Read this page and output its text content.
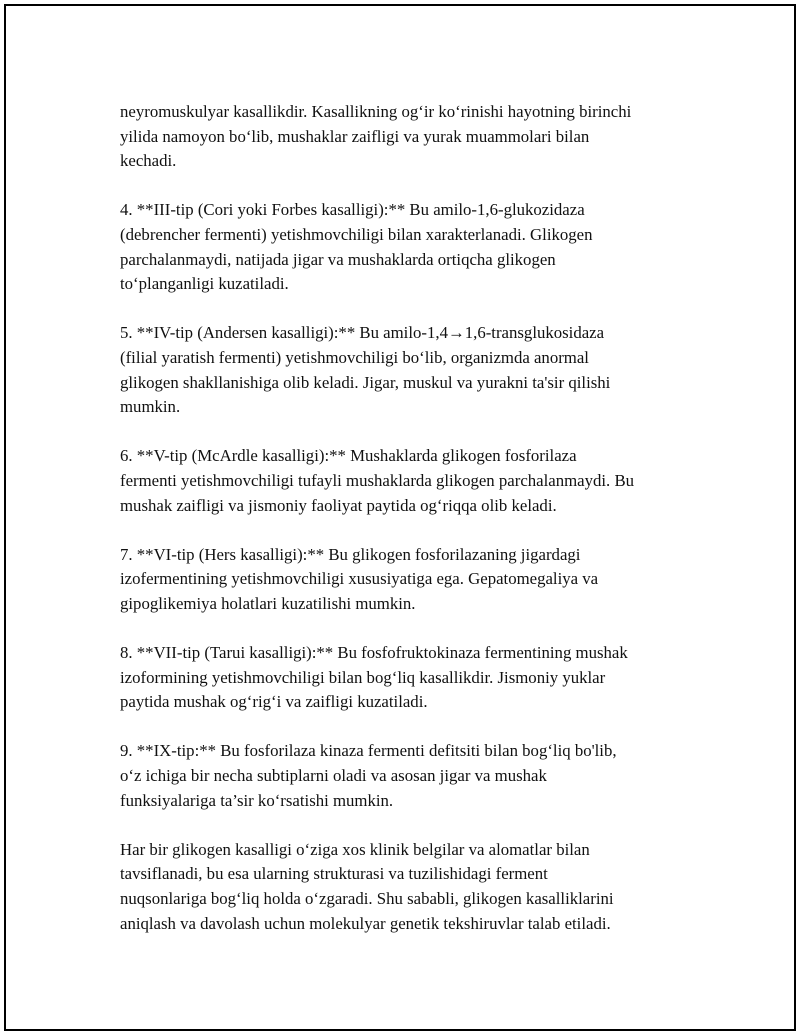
neyromuskulyar kasallikdir. Kasallikning og‘ir ko‘rinishi hayotning birinchi
yilida namoyon bo‘lib, mushaklar zaifligi va yurak muammolari bilan
kechadi.

4. **III-tip (Cori yoki Forbes kasalligi):** Bu amilo-1,6-glukozidaza
(debrencher fermenti) yetishmovchiligi bilan xarakterlanadi. Glikogen
parchalanmaydi, natijada jigar va mushaklarda ortiqcha glikogen
to‘planganligi kuzatiladi.

5. **IV-tip (Andersen kasalligi):** Bu amilo-1,4→1,6-transglukosidaza
(filial yaratish fermenti) yetishmovchiligi bo‘lib, organizmda anormal
glikogen shakllanishiga olib keladi. Jigar, muskul va yurakni ta'sir qilishi
mumkin.

6. **V-tip (McArdle kasalligi):** Mushaklarda glikogen fosforilaza
fermenti yetishmovchiligi tufayli mushaklarda glikogen parchalanmaydi. Bu
mushak zaifligi va jismoniy faoliyat paytida og‘riqqa olib keladi.

7. **VI-tip (Hers kasalligi):** Bu glikogen fosforilazaning jigardagi
izofermentining yetishmovchiligi xususiyatiga ega. Gepatomegaliya va
gipoglikemiya holatlari kuzatilishi mumkin.

8. **VII-tip (Tarui kasalligi):** Bu fosfofruktokinaza fermentining mushak
izoformining yetishmovchiligi bilan bog‘liq kasallikdir. Jismoniy yuklar
paytida mushak og‘rig‘i va zaifligi kuzatiladi.

9. **IX-tip:** Bu fosforilaza kinaza fermenti defitsiti bilan bog‘liq bo'lib,
o‘z ichiga bir necha subtiplarni oladi va asosan jigar va mushak
funksiyalariga ta’sir ko‘rsatishi mumkin.

Har bir glikogen kasalligi o‘ziga xos klinik belgilar va alomatlar bilan
tavsiflanadi, bu esa ularning strukturasi va tuzilishidagi ferment
nuqsonlariga bog‘liq holda o‘zgaradi. Shu sababli, glikogen kasalliklarini
aniqlash va davolash uchun molekulyar genetik tekshiruvlar talab etiladi.
